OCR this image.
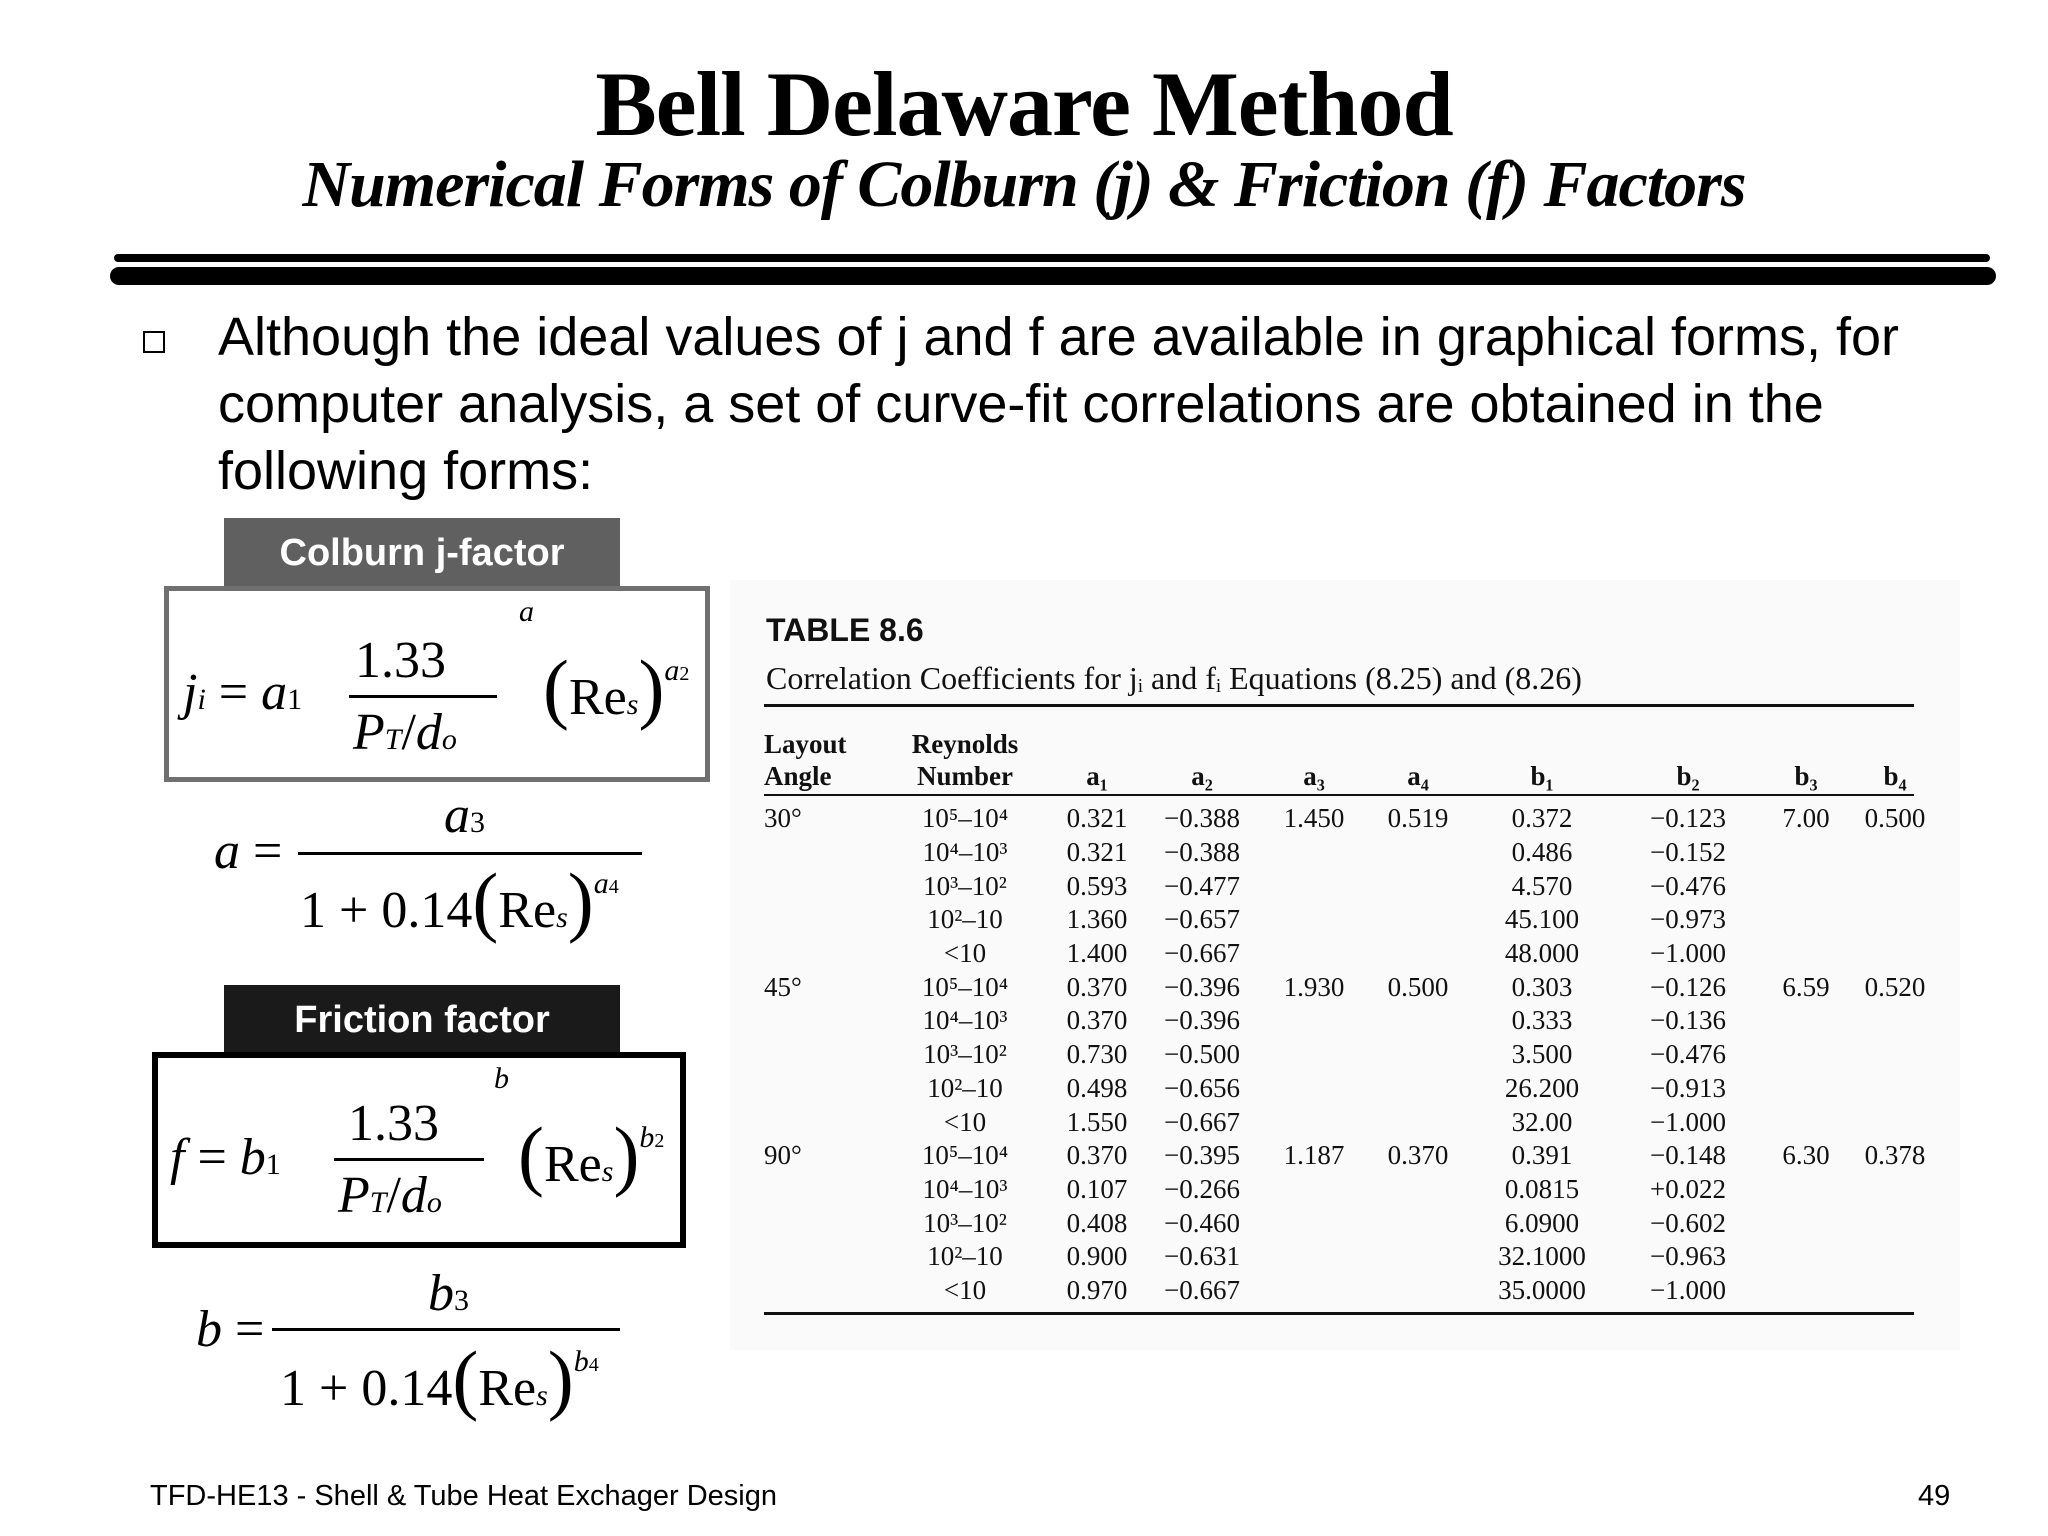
Bell Delaware Method
Numerical Forms of Colburn (j) & Friction (f) Factors
Although the ideal values of j and f are available in graphical forms, for computer analysis, a set of curve-fit correlations are obtained in the following forms:
Colburn j-factor
ji = a1
1.33
PT/do
a
(Res)$^{a2}$
a =
a3
1 + 0.14(Res)$^{a4}$
Friction factor
f = b1
1.33
PT/do
b
(Res)$^{b2}$
b =
b3
1 + 0.14(Res)$^{b4}$
TABLE 8.6
Correlation Coefficients for jᵢ and fᵢ Equations (8.25) and (8.26)
Layout Angle	Reynolds Number	a₁	a₂	a₃	a₄	b₁	b₂	b₃	b₄
30°	10⁵–10⁴	0.321	−0.388	1.450	0.519	0.372	−0.123	7.00	0.500
	10⁴–10³	0.321	−0.388			0.486	−0.152		
	10³–10²	0.593	−0.477			4.570	−0.476		
	10²–10	1.360	−0.657			45.100	−0.973		
	<10	1.400	−0.667			48.000	−1.000		
45°	10⁵–10⁴	0.370	−0.396	1.930	0.500	0.303	−0.126	6.59	0.520
	10⁴–10³	0.370	−0.396			0.333	−0.136		
	10³–10²	0.730	−0.500			3.500	−0.476		
	10²–10	0.498	−0.656			26.200	−0.913		
	<10	1.550	−0.667			32.00	−1.000		
90°	10⁵–10⁴	0.370	−0.395	1.187	0.370	0.391	−0.148	6.30	0.378
	10⁴–10³	0.107	−0.266			0.0815	+0.022		
	10³–10²	0.408	−0.460			6.0900	−0.602		
	10²–10	0.900	−0.631			32.1000	−0.963		
	<10	0.970	−0.667			35.0000	−1.000		
TFD-HE13 - Shell & Tube Heat Exchager Design	49
